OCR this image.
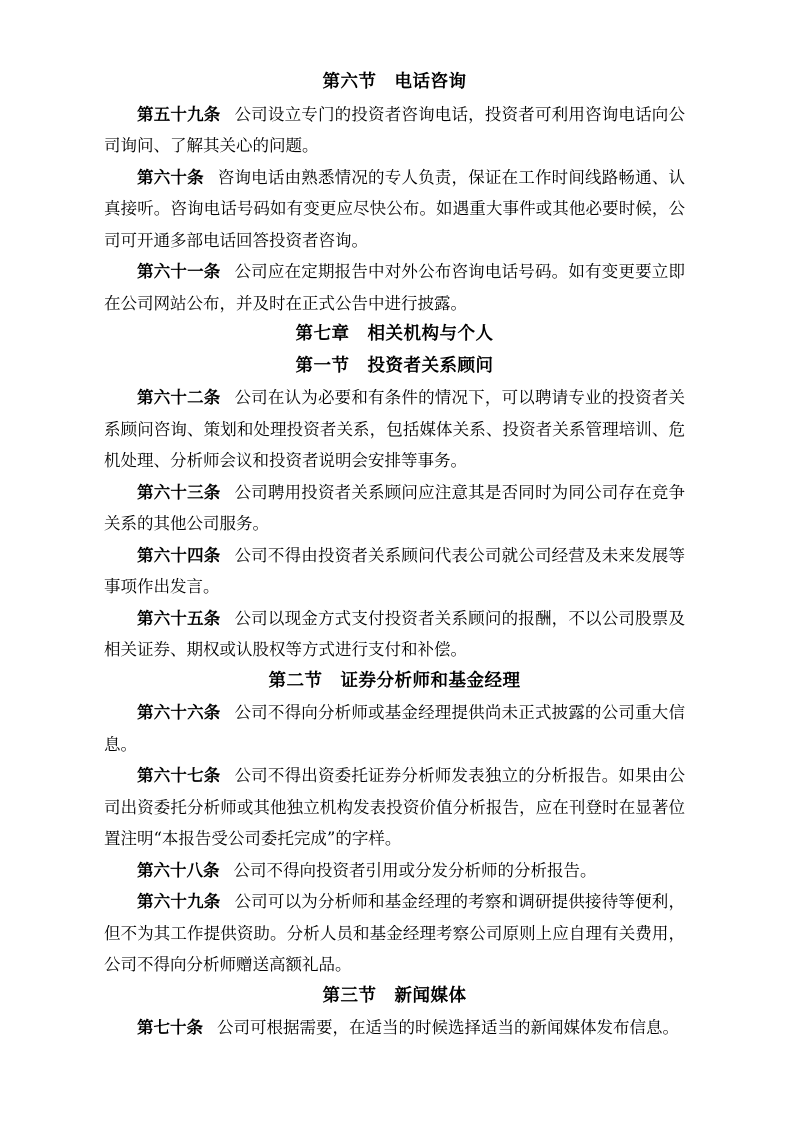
第六节　电话咨询

第五十九条 公司设立专门的投资者咨询电话，投资者可利用咨询电话向公司询问、了解其关心的问题。

第六十条 咨询电话由熟悉情况的专人负责，保证在工作时间线路畅通、认真接听。咨询电话号码如有变更应尽快公布。如遇重大事件或其他必要时候，公司可开通多部电话回答投资者咨询。

第六十一条 公司应在定期报告中对外公布咨询电话号码。如有变更要立即在公司网站公布，并及时在正式公告中进行披露。

第七章　相关机构与个人
第一节　投资者关系顾问

第六十二条 公司在认为必要和有条件的情况下，可以聘请专业的投资者关系顾问咨询、策划和处理投资者关系，包括媒体关系、投资者关系管理培训、危机处理、分析师会议和投资者说明会安排等事务。

第六十三条 公司聘用投资者关系顾问应注意其是否同时为同公司存在竞争关系的其他公司服务。

第六十四条 公司不得由投资者关系顾问代表公司就公司经营及未来发展等事项作出发言。

第六十五条 公司以现金方式支付投资者关系顾问的报酬，不以公司股票及相关证券、期权或认股权等方式进行支付和补偿。

第二节　证券分析师和基金经理

第六十六条 公司不得向分析师或基金经理提供尚未正式披露的公司重大信息。

第六十七条 公司不得出资委托证券分析师发表独立的分析报告。如果由公司出资委托分析师或其他独立机构发表投资价值分析报告，应在刊登时在显著位置注明“本报告受公司委托完成”的字样。

第六十八条 公司不得向投资者引用或分发分析师的分析报告。

第六十九条 公司可以为分析师和基金经理的考察和调研提供接待等便利，但不为其工作提供资助。分析人员和基金经理考察公司原则上应自理有关费用，公司不得向分析师赠送高额礼品。

第三节　新闻媒体

第七十条 公司可根据需要，在适当的时候选择适当的新闻媒体发布信息。
